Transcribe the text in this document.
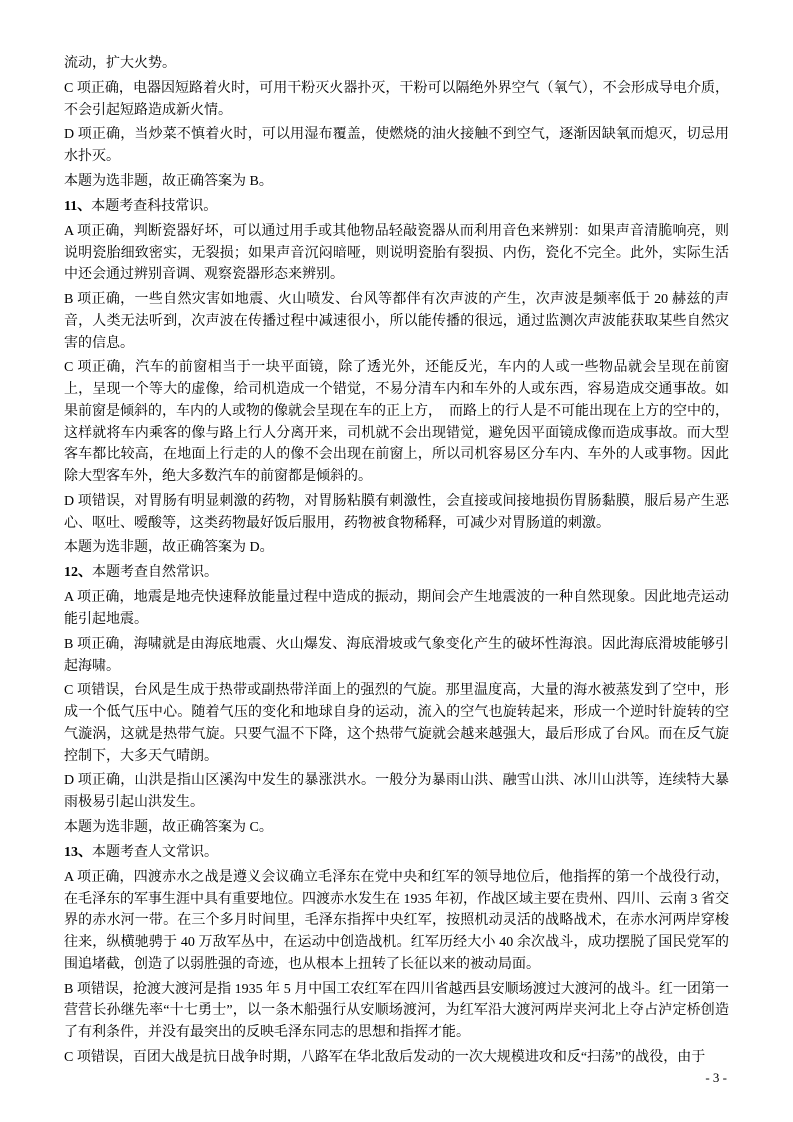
流动，扩大火势。

C 项正确，电器因短路着火时，可用干粉灭火器扑灭，干粉可以隔绝外界空气（氧气），不会形成导电介质，不会引起短路造成新火情。

D 项正确，当炒菜不慎着火时，可以用湿布覆盖，使燃烧的油火接触不到空气，逐渐因缺氧而熄灭，切忌用水扑灭。

本题为选非题，故正确答案为 B。

11、本题考查科技常识。

A 项正确，判断瓷器好坏，可以通过用手或其他物品轻敲瓷器从而利用音色来辨别：如果声音清脆响亮，则说明瓷胎细致密实，无裂损；如果声音沉闷暗哑，则说明瓷胎有裂损、内伤，瓷化不完全。此外，实际生活中还会通过辨别音调、观察瓷器形态来辨别。

B 项正确，一些自然灾害如地震、火山喷发、台风等都伴有次声波的产生，次声波是频率低于 20 赫兹的声音，人类无法听到，次声波在传播过程中减速很小，所以能传播的很远，通过监测次声波能获取某些自然灾害的信息。

C 项正确，汽车的前窗相当于一块平面镜，除了透光外，还能反光，车内的人或一些物品就会呈现在前窗上，呈现一个等大的虚像，给司机造成一个错觉，不易分清车内和车外的人或东西，容易造成交通事故。如果前窗是倾斜的，车内的人或物的像就会呈现在车的正上方，　而路上的行人是不可能出现在上方的空中的，这样就将车内乘客的像与路上行人分离开来，司机就不会出现错觉，避免因平面镜成像而造成事故。而大型客车都比较高，在地面上行走的人的像不会出现在前窗上，所以司机容易区分车内、车外的人或事物。因此除大型客车外，绝大多数汽车的前窗都是倾斜的。

D 项错误，对胃肠有明显刺激的药物，对胃肠粘膜有刺激性，会直接或间接地损伤胃肠黏膜，服后易产生恶心、呕吐、嗳酸等，这类药物最好饭后服用，药物被食物稀释，可减少对胃肠道的刺激。

本题为选非题，故正确答案为 D。

12、本题考查自然常识。

A 项正确，地震是地壳快速释放能量过程中造成的振动，期间会产生地震波的一种自然现象。因此地壳运动能引起地震。

B 项正确，海啸就是由海底地震、火山爆发、海底滑坡或气象变化产生的破坏性海浪。因此海底滑坡能够引起海啸。

C 项错误，台风是生成于热带或副热带洋面上的强烈的气旋。那里温度高，大量的海水被蒸发到了空中，形成一个低气压中心。随着气压的变化和地球自身的运动，流入的空气也旋转起来，形成一个逆时针旋转的空气漩涡，这就是热带气旋。只要气温不下降，这个热带气旋就会越来越强大，最后形成了台风。而在反气旋控制下，大多天气晴朗。

D 项正确，山洪是指山区溪沟中发生的暴涨洪水。一般分为暴雨山洪、融雪山洪、冰川山洪等，连续特大暴雨极易引起山洪发生。

本题为选非题，故正确答案为 C。

13、本题考查人文常识。

A 项正确，四渡赤水之战是遵义会议确立毛泽东在党中央和红军的领导地位后，他指挥的第一个战役行动，在毛泽东的军事生涯中具有重要地位。四渡赤水发生在 1935 年初，作战区域主要在贵州、四川、云南 3 省交界的赤水河一带。在三个多月时间里，毛泽东指挥中央红军，按照机动灵活的战略战术，在赤水河两岸穿梭往来，纵横驰骋于 40 万敌军丛中，在运动中创造战机。红军历经大小 40 余次战斗，成功摆脱了国民党军的围追堵截，创造了以弱胜强的奇迹，也从根本上扭转了长征以来的被动局面。

B 项错误，抢渡大渡河是指 1935 年 5 月中国工农红军在四川省越西县安顺场渡过大渡河的战斗。红一团第一营营长孙继先率“十七勇士”，以一条木船强行从安顺场渡河，为红军沿大渡河两岸夹河北上夺占泸定桥创造了有利条件，并没有最突出的反映毛泽东同志的思想和指挥才能。

C 项错误，百团大战是抗日战争时期，八路军在华北敌后发动的一次大规模进攻和反“扫荡”的战役，由于

- 3 -
